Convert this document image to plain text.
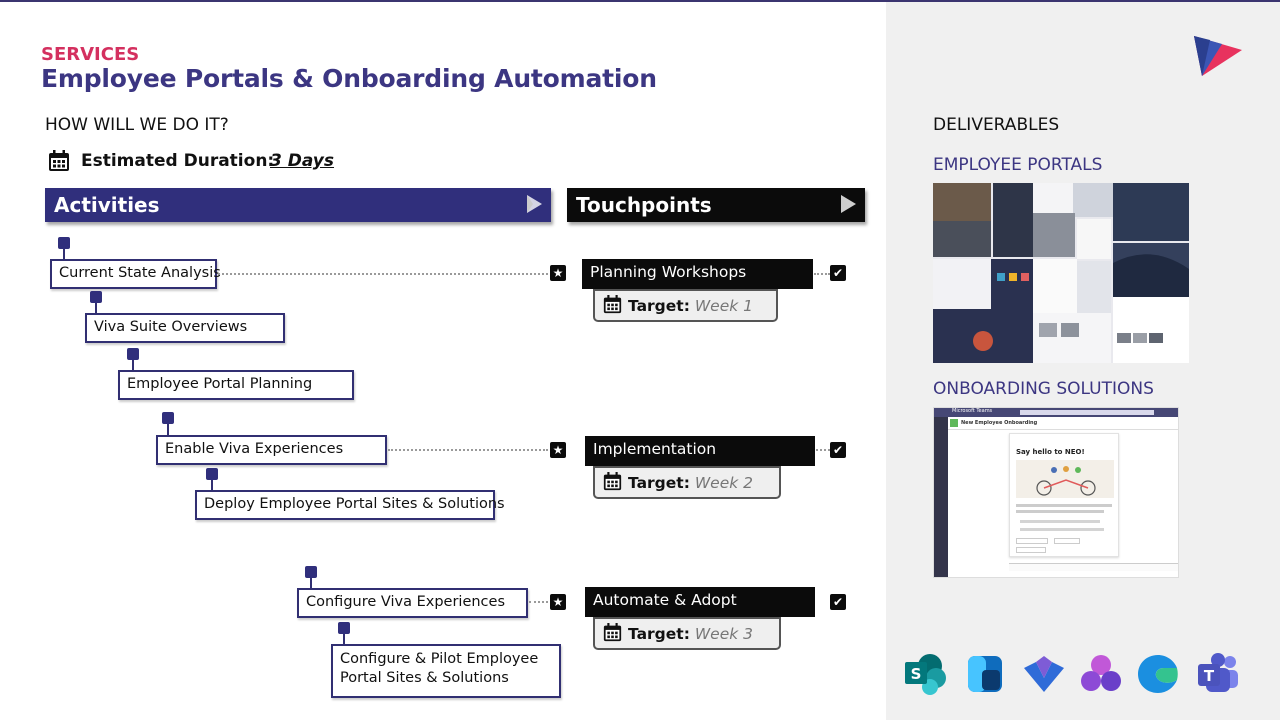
SERVICES
Employee Portals & Onboarding Automation
HOW WILL WE DO IT?
Estimated Duration:
3 Days
Activities	Touchpoints
Current State Analysis
Viva Suite Overviews
Employee Portal Planning
Enable Viva Experiences
Deploy Employee Portal Sites & Solutions
Configure Viva Experiences
Configure & Pilot Employee
Portal Sites & Solutions
★
★
★
✔
✔
✔
Planning Workshops
Target: Week 1
Implementation
Target: Week 2
Automate & Adopt
Target: Week 3
DELIVERABLES
EMPLOYEE PORTALS
ONBOARDING SOLUTIONS
Microsoft Teams
New Employee Onboarding
Say hello to NEO!
S	T
